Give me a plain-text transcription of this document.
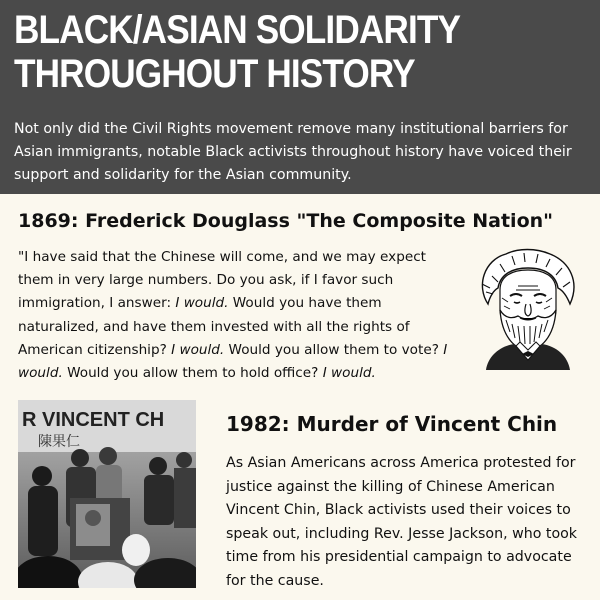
BLACK/ASIAN SOLIDARITY
THROUGHOUT HISTORY
Not only did the Civil Rights movement remove many institutional barriers for Asian immigrants, notable Black activists throughout history have voiced their support and solidarity for the Asian community.
1869: Frederick Douglass "The Composite Nation"
"I have said that the Chinese will come, and we may expect them in very large numbers. Do you ask, if I favor such immigration, I answer: I would. Would you have them naturalized, and have them invested with all the rights of American citizenship? I would. Would you allow them to vote? I would. Would you allow them to hold office? I would.
R VINCENT CH
陳果仁
1982: Murder of Vincent Chin
As Asian Americans across America protested for justice against the killing of Chinese American Vincent Chin, Black activists used their voices to speak out, including Rev. Jesse Jackson, who took time from his presidential campaign to advocate for the cause.
